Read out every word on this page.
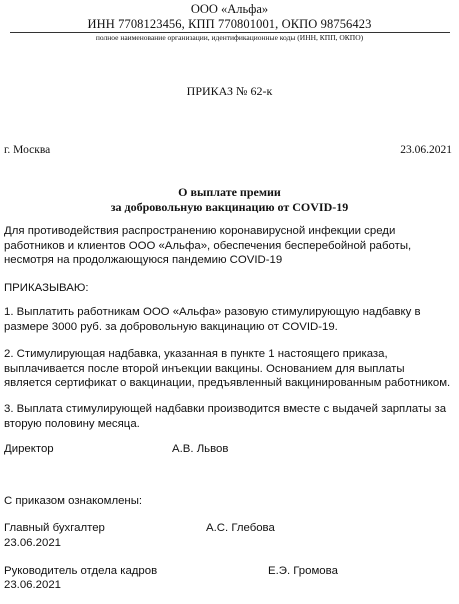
ООО «Альфа»
ИНН 7708123456, КПП 770801001, ОКПО 98756423
полное наименование организации, идентификационные коды (ИНН, КПП, ОКПО)
ПРИКАЗ № 62-к
г. Москва	23.06.2021
О выплате премии
за добровольную вакцинацию от COVID-19
Для противодействия распространению коронавирусной инфекции среди работников и клиентов ООО «Альфа», обеспечения бесперебойной работы, несмотря на продолжающуюся пандемию COVID-19
ПРИКАЗЫВАЮ:
1. Выплатить работникам ООО «Альфа» разовую стимулирующую надбавку в размере 3000 руб. за добровольную вакцинацию от COVID-19.
2. Стимулирующая надбавка, указанная в пункте 1 настоящего приказа, выплачивается после второй инъекции вакцины. Основанием для выплаты является сертификат о вакцинации, предъявленный вакцинированным работником.
3. Выплата стимулирующей надбавки производится вместе с выдачей зарплаты за вторую половину месяца.
Директор	А.В. Львов
С приказом ознакомлены:
Главный бухгалтер	А.С. Глебова
23.06.2021
Руководитель отдела кадров	Е.Э. Громова
23.06.2021
